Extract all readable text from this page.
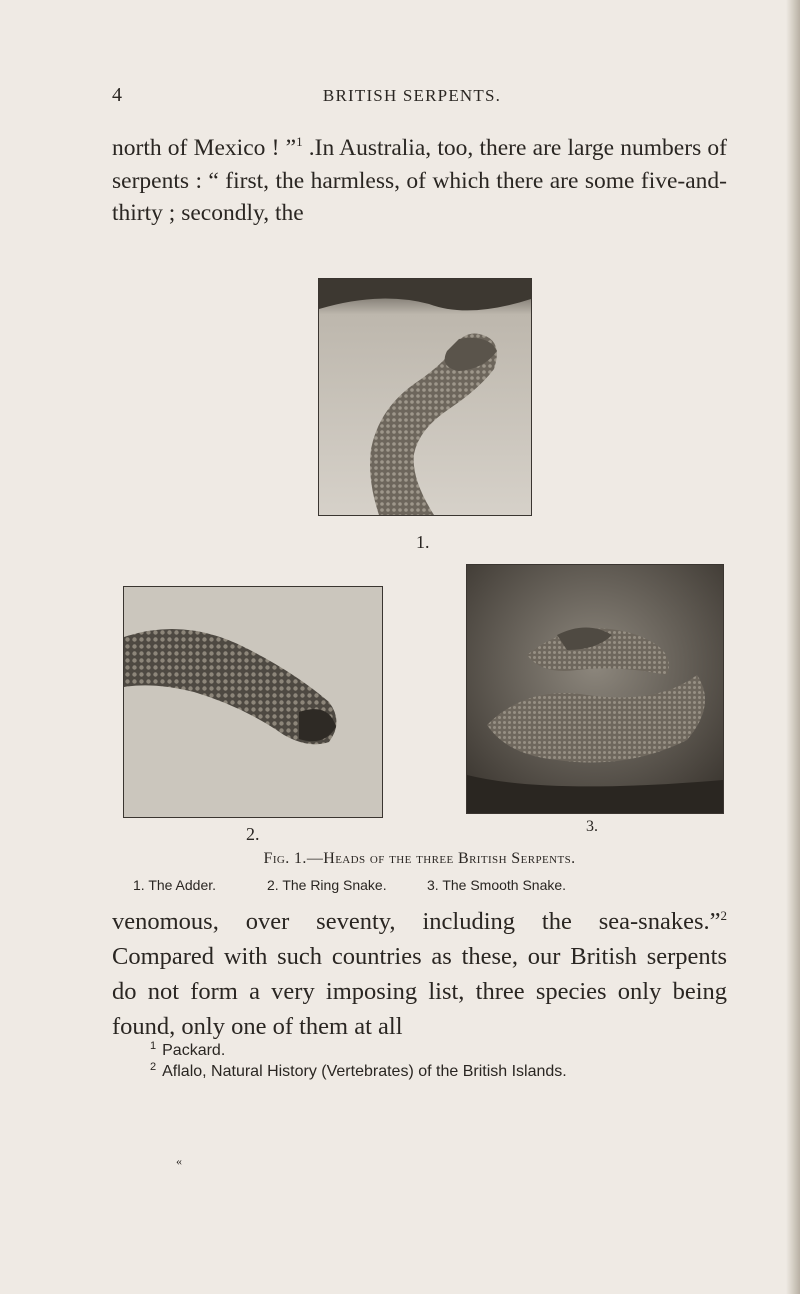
4	BRITISH SERPENTS.

north of Mexico ! ”$^1$ .In Australia, too, there are large numbers of serpents : “ first, the harmless, of which there are some five-and-thirty ; secondly, the

1.
2.	3.
Fig. 1.—Heads of the three British Serpents.
1. The Adder.	2. The Ring Snake.	3. The Smooth Snake.

venomous, over seventy, including the sea-snakes.”$^2$ Compared with such countries as these, our British serpents do not form a very imposing list, three species only being found, only one of them at all

$^1$ Packard.
$^2$ Aflalo, Natural History (Vertebrates) of the British Islands.
«
